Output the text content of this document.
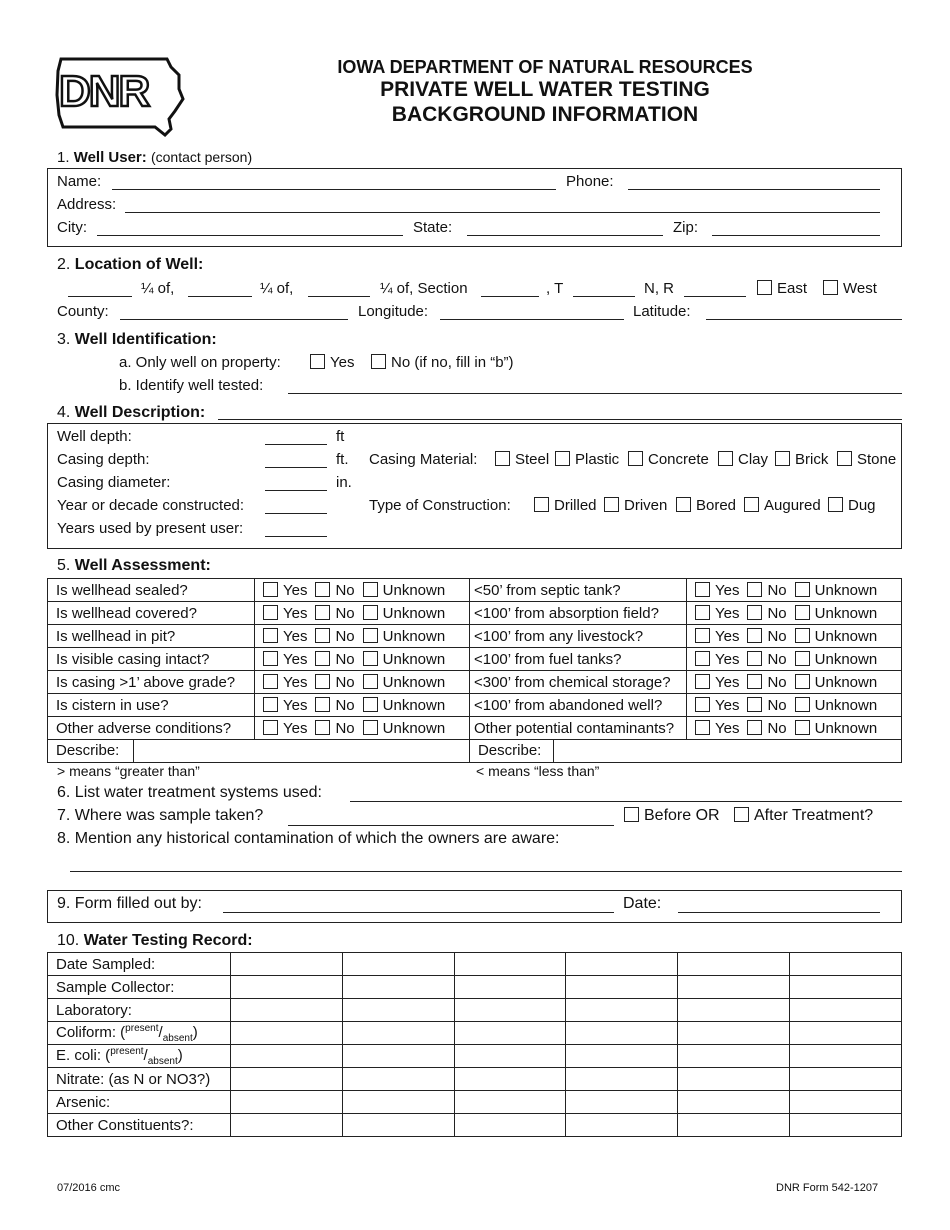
DNR	IOWA DEPARTMENT OF NATURAL RESOURCES
PRIVATE WELL WATER TESTING
BACKGROUND INFORMATION
1. Well User: (contact person)
Name:	Phone:
Address:
City:	State:	Zip:
2. Location of Well:
¼ of,	¼ of,	¼ of, Section	, T	N, R	East	West
County:	Longitude:	Latitude:
3. Well Identification:
a. Only well on property:	Yes	No (if no, fill in “b”)
b. Identify well tested:
4. Well Description:
Well depth:	ft
Casing depth:	ft. Casing Material:	Steel	Plastic	Concrete	Clay	Brick	Stone
Casing diameter:	in.
Year or decade constructed:	Type of Construction:	Drilled	Driven	Bored	Augured	Dug
Years used by present user:
5. Well Assessment:
Is wellhead sealed?	Yes No Unknown	<50’ from septic tank?	Yes No Unknown
Is wellhead covered?	Yes No Unknown	<100’ from absorption field?	Yes No Unknown
Is wellhead in pit?	Yes No Unknown	<100’ from any livestock?	Yes No Unknown
Is visible casing intact?	Yes No Unknown	<100’ from fuel tanks?	Yes No Unknown
Is casing >1’ above grade?	Yes No Unknown	<300’ from chemical storage?	Yes No Unknown
Is cistern in use?	Yes No Unknown	<100’ from abandoned well?	Yes No Unknown
Other adverse conditions?	Yes No Unknown	Other potential contaminants?	Yes No Unknown

Describe:		Describe:	
> means “greater than”	< means “less than”
6. List water treatment systems used:
7. Where was sample taken?	Before OR	After Treatment?
8. Mention any historical contamination of which the owners are aware:
9. Form filled out by:	Date:
10. Water Testing Record:
Date Sampled:						
Sample Collector:						
Laboratory:						
Coliform: $(^{present}/_{absent})$						
E. coli: $(^{present}/_{absent})$						
Nitrate: (as N or NO3?)						
Arsenic:						
Other Constituents?:						
07/2016 cmc	DNR Form 542-1207
